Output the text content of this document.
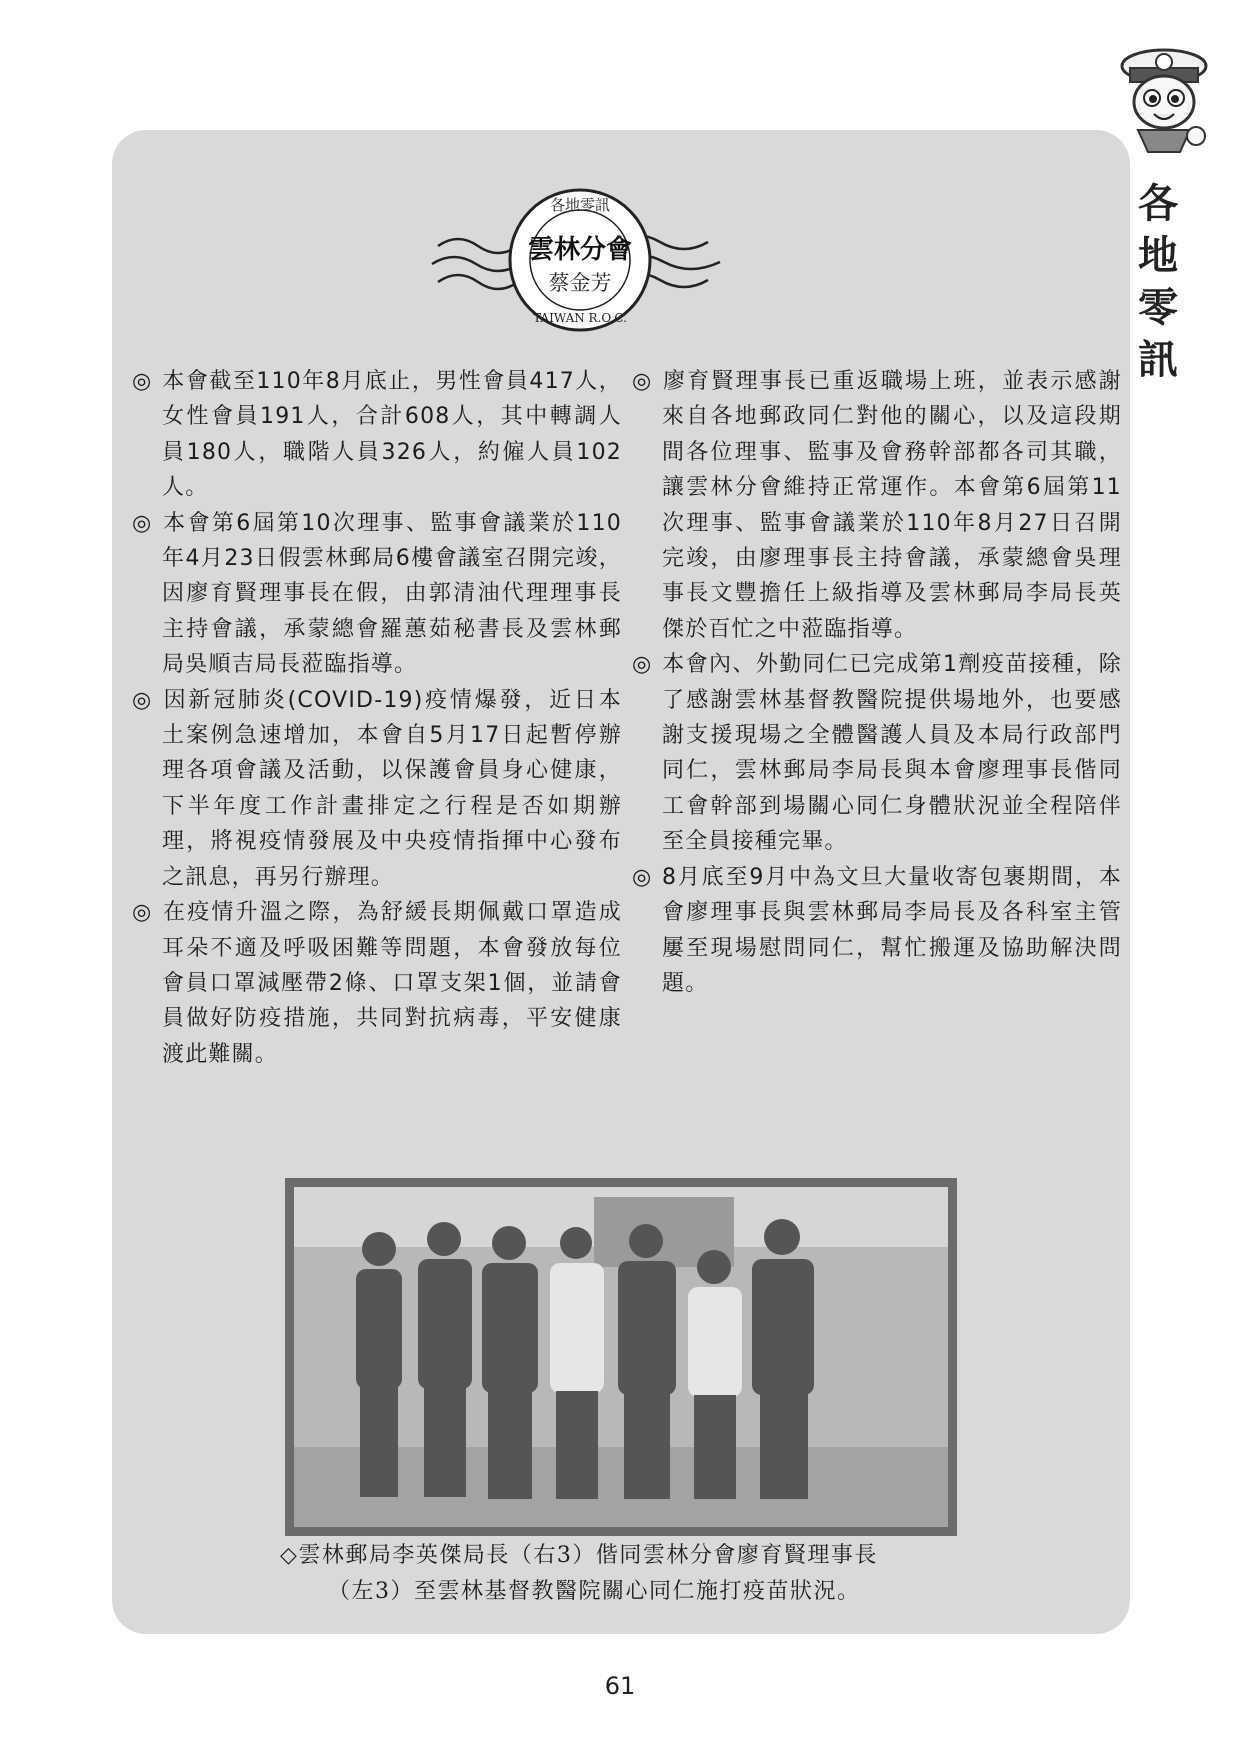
各
地
零
訊
各地零訊
雲林分會
蔡金芳
TAIWAN R.O.C.

◎ 本會截至110年8月底止，男性會員417人，女性會員191人，合計608人，其中轉調人員180人，職階人員326人，約僱人員102人。

◎ 本會第6屆第10次理事、監事會議業於110年4月23日假雲林郵局6樓會議室召開完竣，因廖育賢理事長在假，由郭清油代理理事長主持會議，承蒙總會羅蕙茹秘書長及雲林郵局吳順吉局長蒞臨指導。

◎ 因新冠肺炎(COVID-19)疫情爆發，近日本土案例急速增加，本會自5月17日起暫停辦理各項會議及活動，以保護會員身心健康，下半年度工作計畫排定之行程是否如期辦理，將視疫情發展及中央疫情指揮中心發布之訊息，再另行辦理。

◎ 在疫情升溫之際，為舒緩長期佩戴口罩造成耳朵不適及呼吸困難等問題，本會發放每位會員口罩減壓帶2條、口罩支架1個，並請會員做好防疫措施，共同對抗病毒，平安健康渡此難關。

◎ 廖育賢理事長已重返職場上班，並表示感謝來自各地郵政同仁對他的關心，以及這段期間各位理事、監事及會務幹部都各司其職，讓雲林分會維持正常運作。本會第6屆第11次理事、監事會議業於110年8月27日召開完竣，由廖理事長主持會議，承蒙總會吳理事長文豐擔任上級指導及雲林郵局李局長英傑於百忙之中蒞臨指導。

◎ 本會內、外勤同仁已完成第1劑疫苗接種，除了感謝雲林基督教醫院提供場地外，也要感謝支援現場之全體醫護人員及本局行政部門同仁，雲林郵局李局長與本會廖理事長偕同工會幹部到場關心同仁身體狀況並全程陪伴至全員接種完畢。

◎ 8月底至9月中為文旦大量收寄包裹期間，本會廖理事長與雲林郵局李局長及各科室主管屢至現場慰問同仁，幫忙搬運及協助解決問題。

◇雲林郵局李英傑局長（右3）偕同雲林分會廖育賢理事長
（左3）至雲林基督教醫院關心同仁施打疫苗狀況。
61
